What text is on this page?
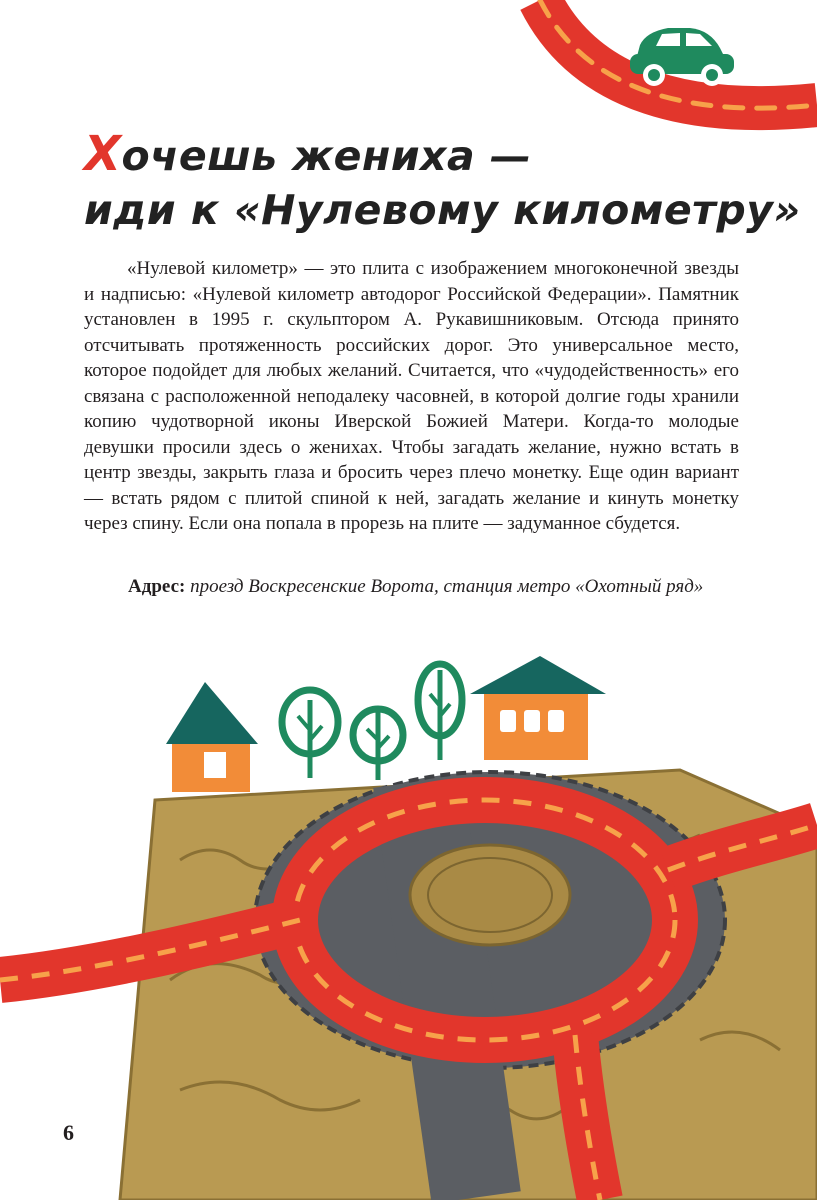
Хочешь жениха —
иди к «Нулевому километру»

«Нулевой километр» — это плита с изображением многоконечной звезды и надписью: «Нулевой километр автодорог Российской Федерации». Памятник установлен в 1995 г. скульптором А. Рукавишниковым. Отсюда принято отсчитывать протяженность российских дорог. Это универсальное место, которое подойдет для любых желаний. Считается, что «чудодейственность» его связана с расположенной неподалеку часовней, в которой долгие годы хранили копию чудотворной иконы Иверской Божией Матери. Когда-то молодые девушки просили здесь о женихах. Чтобы загадать желание, нужно встать в центр звезды, закрыть глаза и бросить через плечо монетку. Еще один вариант — встать рядом с плитой спиной к ней, загадать желание и кинуть монетку через спину. Если она попала в прорезь на плите — задуманное сбудется.

Адрес: проезд Воскресенские Ворота, станция метро «Охотный ряд»
6
